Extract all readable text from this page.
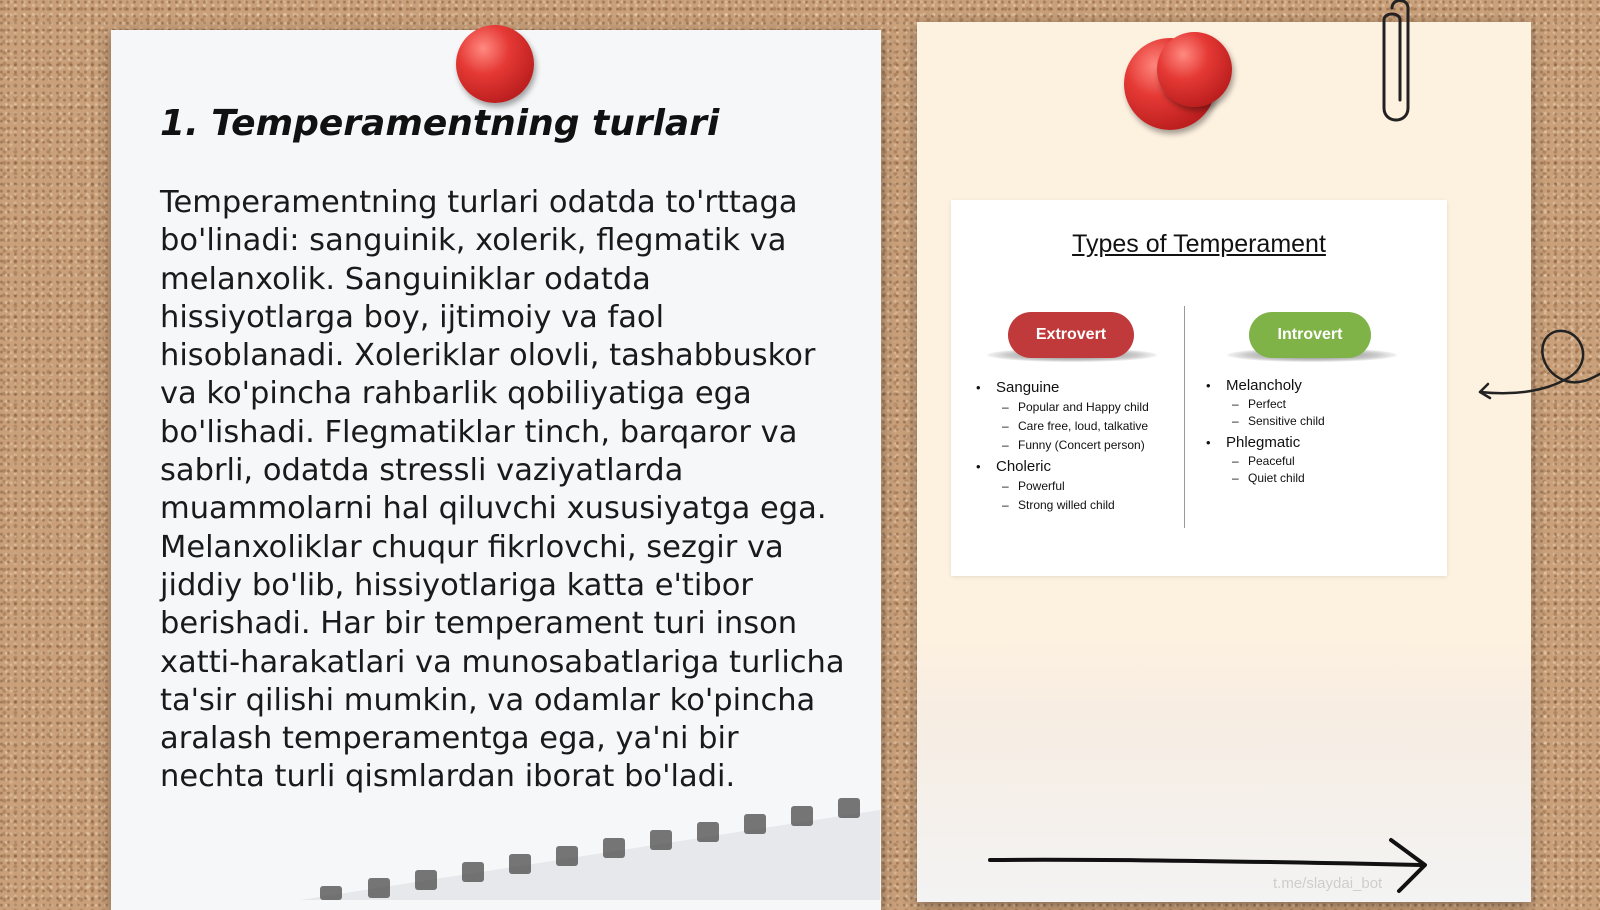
1. Temperamentning turlari

Temperamentning turlari odatda to'rttaga bo'linadi: sanguinik, xolerik, flegmatik va melanxolik. Sanguiniklar odatda hissiyotlarga boy, ijtimoiy va faol hisoblanadi. Xoleriklar olovli, tashabbuskor va ko'pincha rahbarlik qobiliyatiga ega bo'lishadi. Flegmatiklar tinch, barqaror va sabrli, odatda stressli vaziyatlarda muammolarni hal qiluvchi xususiyatga ega. Melanxoliklar chuqur fikrlovchi, sezgir va jiddiy bo'lib, hissiyotlariga katta e'tibor berishadi. Har bir temperament turi inson xatti-harakatlari va munosabatlariga turlicha ta'sir qilishi mumkin, va odamlar ko'pincha aralash temperamentga ega, ya'ni bir nechta turli qismlardan iborat bo'ladi.

Types of Temperament
Extrovert	Introvert
• Sanguine
– Popular and Happy child
– Care free, loud, talkative
– Funny (Concert person)
• Choleric
– Powerful
– Strong willed child
• Melancholy
– Perfect
– Sensitive child
• Phlegmatic
– Peaceful
– Quiet child
t.me/slaydai_bot
